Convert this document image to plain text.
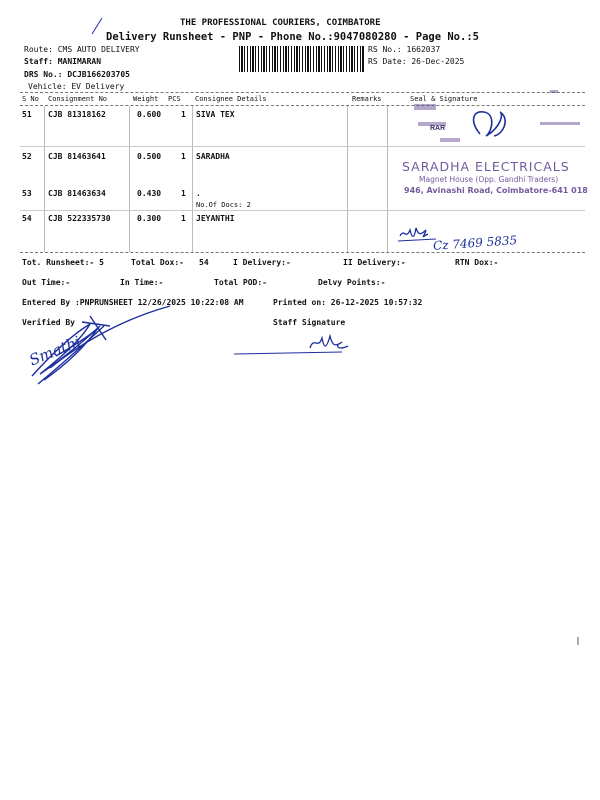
THE PROFESSIONAL COURIERS, COIMBATORE
Delivery Runsheet - PNP - Phone No.:9047080280 - Page No.:5
Route: CMS AUTO DELIVERY
Staff: MANIMARAN
DRS No.: DCJB166203705
Vehicle: EV Delivery
RS No.: 1662037
RS Date: 26-Dec-2025
S No Consignment No	Weight PCS Consignee Details	Remarks	Seal & Signature
51 CJB 81318162	0.600 1 SIVA TEX
52 CJB 81463641	0.500 1 SARADHA
53 CJB 81463634	0.430 1 .
No.Of Docs: 2
54 CJB 522335730	0.300 1 JEYANTHI
Tot. Runsheet:- 5	Total Dox:- 54	I Delivery:-	II Delivery:-	RTN Dox:-
Out Time:-	In Time:-	Total POD:-	Delvy Points:-
Entered By :PNPRUNSHEET 12/26/2025 10:22:08 AM	Printed on: 26-12-2025 10:57:32
Verified By	Staff Signature
SARADHA ELECTRICALS
Magnet House (Opp. Gandhi Traders)
946, Avinashi Road, Coimbatore-641 018
RAR
Cz 7469 5835
Smathi
